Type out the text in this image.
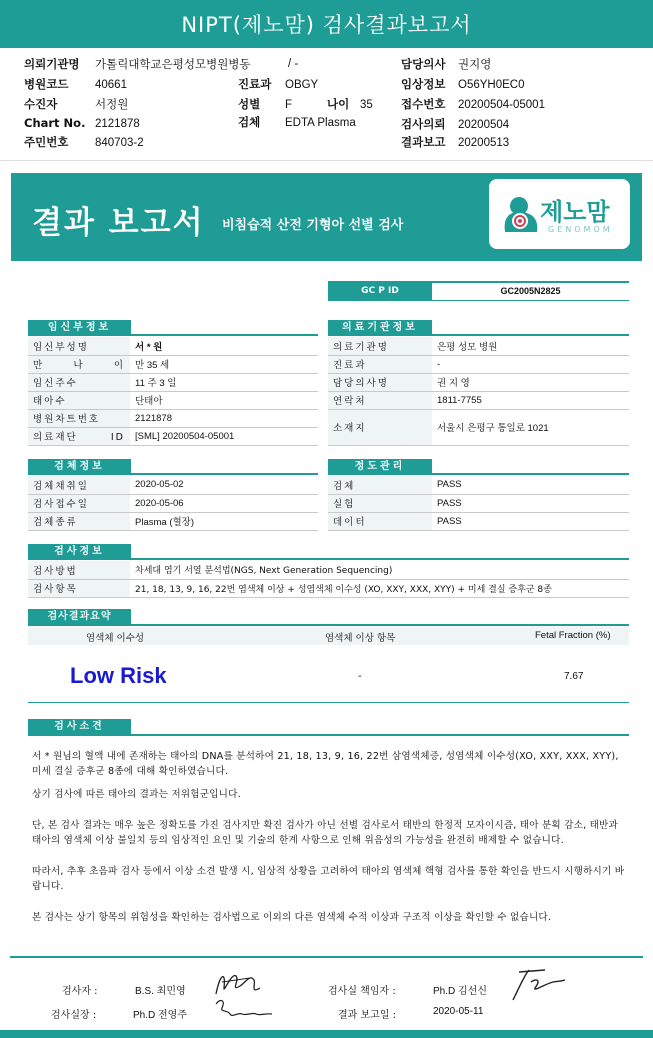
NIPT(제노맘) 검사결과보고서
의뢰기관명 가톨릭대학교은평성모병원병동	/ -	담당의사 권지영
병원코드 40661	진료과 OBGY	임상정보 O56YH0EC0
수진자	서정원	성별 F	나이 35 접수번호 20200504-05001
Chart No. 2121878	검체 EDTA Plasma	검사의뢰 20200504
주민번호 840703-2	결과보고 20200513
결과 보고서 비침습적 산전 기형아 선별 검사	제노맘
GENOMOM
GC P ID	GC2005N2825
임신부정보
임신부성명	서 * 원
만 나 이	만 35 세
임신주수	11 주 3 일
태아수	단태아
병원차트번호	2121878
의료재단 ID	[SML] 20200504-05001
의료기관정보
의료기관명	은평 성모 병원
진료과	-
담당의사명	권 지 영
연락처	1811-7755
소재지	서울시 은평구 통일로 1021
검체정보
검체채취일	2020-05-02
검사접수일	2020-05-06
검체종류	Plasma (혈장)
정도관리
검체	PASS
실험	PASS
데이터	PASS
검사정보
검사방법	차세대 염기 서열 분석법(NGS, Next Generation Sequencing)
검사항목	21, 18, 13, 9, 16, 22번 염색체 이상 + 성염색체 이수성 (XO, XXY, XXX, XYY) + 미세 결실 증후군 8종
검사결과요약
염색체 이수성	염색체 이상 항목	Fetal Fraction (%)
Low Risk	-	7.67
검사소견
서 * 원님의 혈액 내에 존재하는 태아의 DNA를 분석하여 21, 18, 13, 9, 16, 22번 삼염색체증, 성염색체 이수성(XO, XXY, XXX, XYY), 미세 결실 증후군 8종에 대해 확인하였습니다.
상기 검사에 따른 태아의 결과는 저위험군입니다.
단, 본 검사 결과는 매우 높은 정확도를 가진 검사지만 확진 검사가 아닌 선별 검사로서 태반의 한정적 모자이시즘, 태아 분획 감소, 태반과 태아의 염색체 이상 불일치 등의 임상적인 요인 및 기술의 한계 사항으로 인해 위음성의 가능성을 완전히 배제할 수 없습니다.
따라서, 추후 초음파 검사 등에서 이상 소견 발생 시, 임상적 상황을 고려하여 태아의 염색체 핵형 검사를 통한 확인을 반드시 시행하시기 바랍니다.
본 검사는 상기 항목의 위험성을 확인하는 검사법으로 이외의 다른 염색체 수적 이상과 구조적 이상을 확인할 수 없습니다.
검사자 :	B.S. 최민영	검사실 책임자 :	Ph.D 김선신
검사실장 :	Ph.D 전영주	결과 보고일 :	2020-05-11
